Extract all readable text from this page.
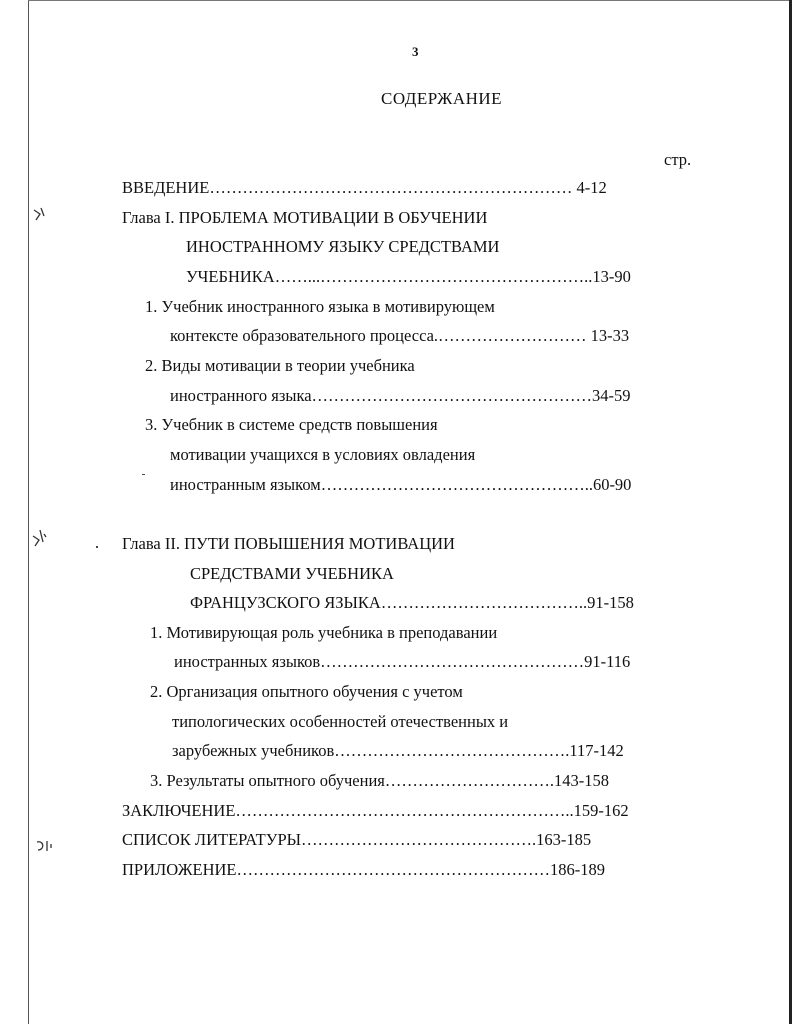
3
СОДЕРЖАНИЕ
стр.
ВВЕДЕНИЕ………………………………………………………… 4-12
Глава I. ПРОБЛЕМА МОТИВАЦИИ В ОБУЧЕНИИ
ИНОСТРАННОМУ ЯЗЫКУ СРЕДСТВАМИ
УЧЕБНИКА……...…………………………………………..13-90
1. Учебник иностранного языка в мотивирующем
контексте образовательного процесса.……………………… 13-33
2. Виды мотивации в теории учебника
иностранного языка……………………………………………34-59
3. Учебник в системе средств повышения
мотивации учащихся в условиях овладения
иностранным языком…………………………………………..60-90
Глава II. ПУТИ ПОВЫШЕНИЯ МОТИВАЦИИ
СРЕДСТВАМИ УЧЕБНИКА
ФРАНЦУЗСКОГО ЯЗЫКА………………………………..91-158
1. Мотивирующая роль учебника в преподавании
иностранных языков…………………………………………91-116
2. Организация опытного обучения с учетом
типологических особенностей отечественных и
зарубежных учебников…………………………………….117-142
3. Результаты опытного обучения………………………….143-158
ЗАКЛЮЧЕНИЕ……………………………………………………..159-162
СПИСОК ЛИТЕРАТУРЫ…………………………………….163-185
ПРИЛОЖЕНИЕ…………………………………………………186-189
